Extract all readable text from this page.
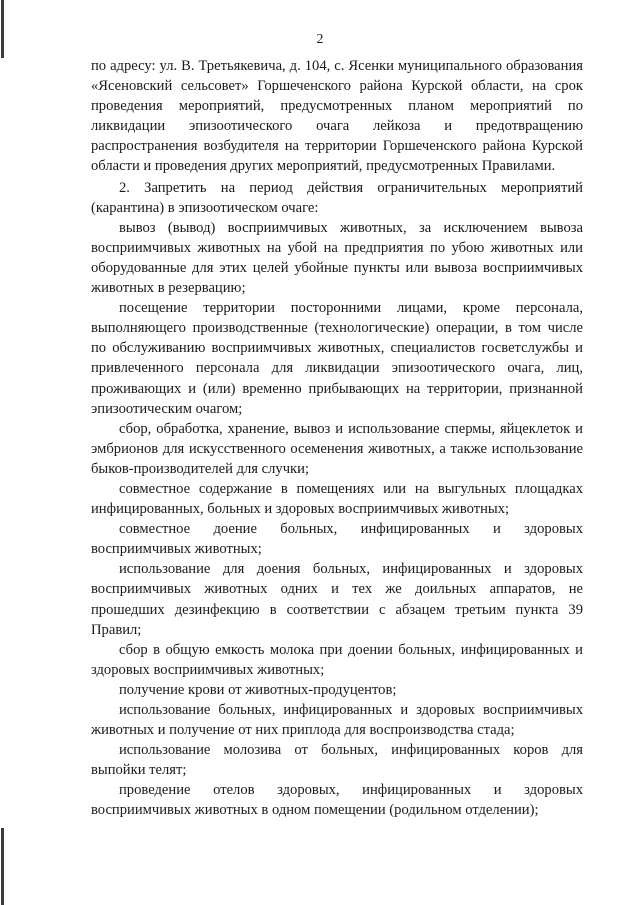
2

по адресу: ул. В. Третьякевича, д. 104, с. Ясенки муниципального образования «Ясеновский сельсовет» Горшеченского района Курской области, на срок проведения мероприятий, предусмотренных планом мероприятий по ликвидации эпизоотического очага лейкоза и предотвращению распространения возбудителя на территории Горшеченского района Курской области и проведения других мероприятий, предусмотренных Правилами.

2. Запретить на период действия ограничительных мероприятий (карантина) в эпизоотическом очаге:

вывоз (вывод) восприимчивых животных, за исключением вывоза восприимчивых животных на убой на предприятия по убою животных или оборудованные для этих целей убойные пункты или вывоза восприимчивых животных в резервацию;

посещение территории посторонними лицами, кроме персонала, выполняющего производственные (технологические) операции, в том числе по обслуживанию восприимчивых животных, специалистов госветслужбы и привлеченного персонала для ликвидации эпизоотического очага, лиц, проживающих и (или) временно прибывающих на территории, признанной эпизоотическим очагом;

сбор, обработка, хранение, вывоз и использование спермы, яйцеклеток и эмбрионов для искусственного осеменения животных, а также использование быков-производителей для случки;

совместное содержание в помещениях или на выгульных площадках инфицированных, больных и здоровых восприимчивых животных;

совместное доение больных, инфицированных и здоровых восприимчивых животных;

использование для доения больных, инфицированных и здоровых восприимчивых животных одних и тех же доильных аппаратов, не прошедших дезинфекцию в соответствии с абзацем третьим пункта 39 Правил;

сбор в общую емкость молока при доении больных, инфицированных и здоровых восприимчивых животных;

получение крови от животных-продуцентов;

использование больных, инфицированных и здоровых восприимчивых животных и получение от них приплода для воспроизводства стада;

использование молозива от больных, инфицированных коров для выпойки телят;

проведение отелов здоровых, инфицированных и здоровых восприимчивых животных в одном помещении (родильном отделении);
